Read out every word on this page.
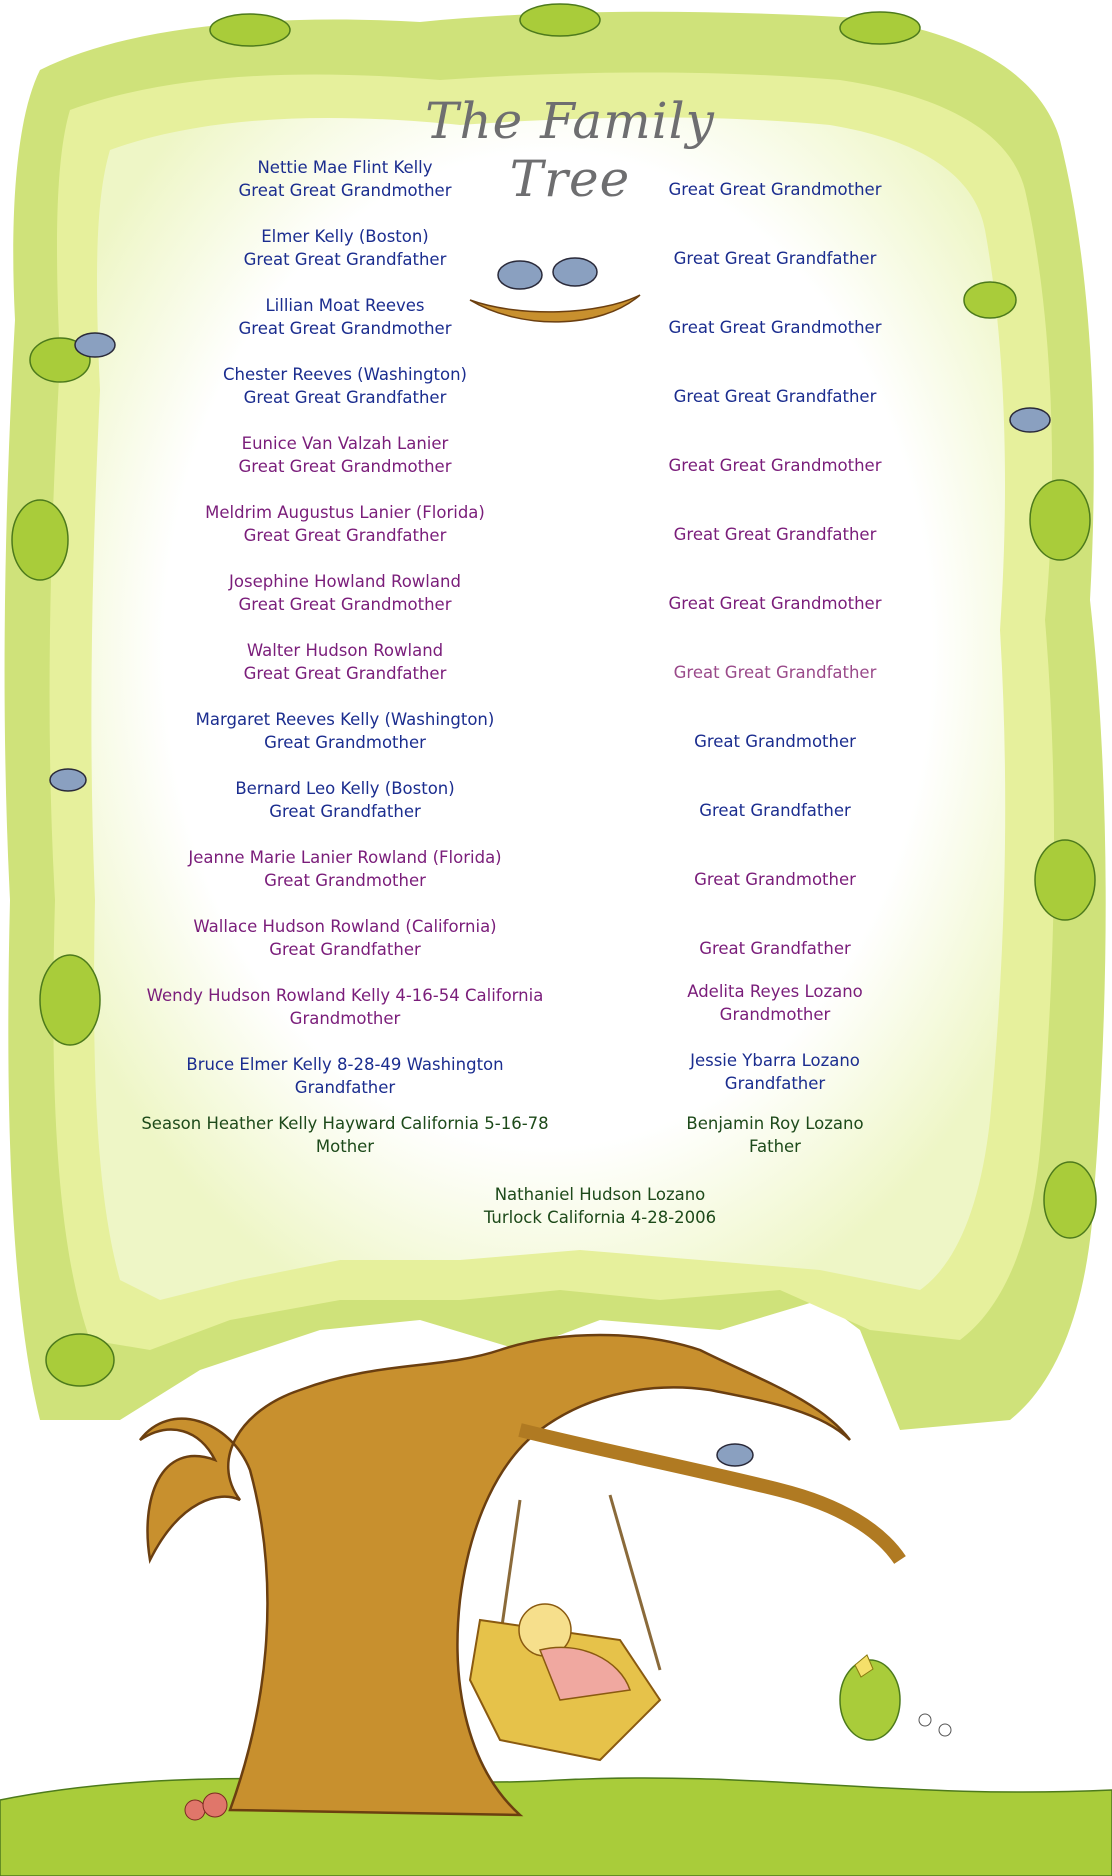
The Family Tree
Nettie Mae Flint Kelly
Great Great Grandmother
Elmer Kelly (Boston)
Great Great Grandfather
Lillian Moat Reeves
Great Great Grandmother
Chester Reeves (Washington)
Great Great Grandfather
Eunice Van Valzah Lanier
Great Great Grandmother
Meldrim Augustus Lanier (Florida)
Great Great Grandfather
Josephine Howland Rowland
Great Great Grandmother
Walter Hudson Rowland
Great Great Grandfather
Margaret Reeves Kelly (Washington)
Great Grandmother
Bernard Leo Kelly (Boston)
Great Grandfather
Jeanne Marie Lanier Rowland (Florida)
Great Grandmother
Wallace Hudson Rowland (California)
Great Grandfather
Wendy Hudson Rowland Kelly 4-16-54 California
Grandmother
Bruce Elmer Kelly 8-28-49 Washington
Grandfather
Season Heather Kelly Hayward California 5-16-78
Mother
Great Great Grandmother
Great Great Grandfather
Great Great Grandmother
Great Great Grandfather
Great Great Grandmother
Great Great Grandfather
Great Great Grandmother
Great Great Grandfather
Great Grandmother
Great Grandfather
Great Grandmother
Great Grandfather
Adelita Reyes Lozano
Grandmother
Jessie Ybarra Lozano
Grandfather
Benjamin Roy Lozano
Father
Nathaniel Hudson Lozano
Turlock California 4-28-2006
